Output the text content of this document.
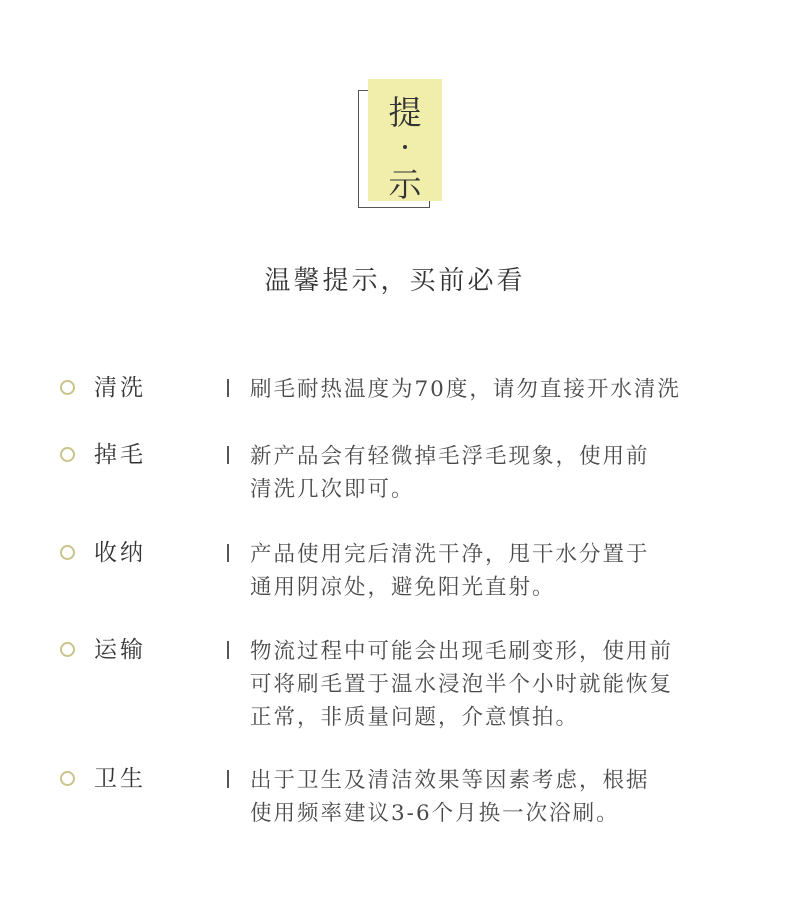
提
示
温馨提示，买前必看
清洗	刷毛耐热温度为70度，请勿直接开水清洗
掉毛	新产品会有轻微掉毛浮毛现象，使用前
清洗几次即可。
收纳	产品使用完后清洗干净，甩干水分置于
通用阴凉处，避免阳光直射。
运输	物流过程中可能会出现毛刷变形，使用前
可将刷毛置于温水浸泡半个小时就能恢复
正常，非质量问题，介意慎拍。
卫生	出于卫生及清洁效果等因素考虑，根据
使用频率建议3-6个月换一次浴刷。
